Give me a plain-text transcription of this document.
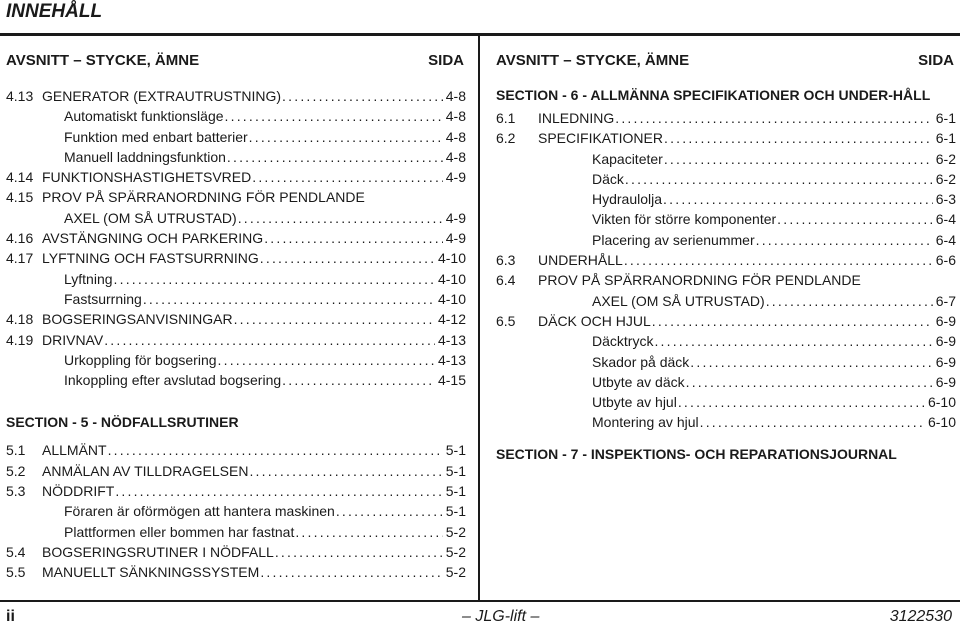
INNEHÅLL
AVSNITT – STYCKE, ÄMNE	SIDA
4.13 GENERATOR (EXTRAUTRUSTNING) .....	4-8
Automatiskt funktionsläge .....	4-8
Funktion med enbart batterier .....	4-8
Manuell laddningsfunktion .....	4-8
4.14 FUNKTIONSHASTIGHETSVRED .....	4-9
4.15 PROV PÅ SPÄRRANORDNING FÖR PENDLANDE
AXEL (OM SÅ UTRUSTAD) .....	4-9
4.16 AVSTÄNGNING OCH PARKERING .....	4-9
4.17 LYFTNING OCH FASTSURRNING .....	4-10
Lyftning .....	4-10
Fastsurrning .....	4-10
4.18 BOGSERINGSANVISNINGAR .....	4-12
4.19 DRIVNAV .....	4-13
Urkoppling för bogsering .....	4-13
Inkoppling efter avslutad bogsering .....	4-15
SECTION - 5 - NÖDFALLSRUTINER
5.1	ALLMÄNT .....	5-1
5.2	ANMÄLAN AV TILLDRAGELSEN .....	5-1
5.3	NÖDDRIFT .....	5-1
Föraren är oförmögen att hantera maskinen .....	5-1
Plattformen eller bommen har fastnat .....	5-2
5.4	BOGSERINGSRUTINER I NÖDFALL .....	5-2
5.5	MANUELLT SÄNKNINGSSYSTEM .....	5-2
AVSNITT – STYCKE, ÄMNE	SIDA
SECTION - 6 - ALLMÄNNA SPECIFIKATIONER OCH UNDER-HÅLL
6.1	INLEDNING .....	6-1
6.2	SPECIFIKATIONER .....	6-1
Kapaciteter .....	6-2
Däck .....	6-2
Hydraulolja .....	6-3
Vikten för större komponenter .....	6-4
Placering av serienummer .....	6-4
6.3	UNDERHÅLL .....	6-6
6.4	PROV PÅ SPÄRRANORDNING FÖR PENDLANDE
AXEL (OM SÅ UTRUSTAD) .....	6-7
6.5	DÄCK OCH HJUL .....	6-9
Däcktryck .....	6-9
Skador på däck .....	6-9
Utbyte av däck .....	6-9
Utbyte av hjul .....	6-10
Montering av hjul .....	6-10
SECTION - 7 - INSPEKTIONS- OCH REPARATIONSJOURNAL
ii	– JLG-lift –	3122530
